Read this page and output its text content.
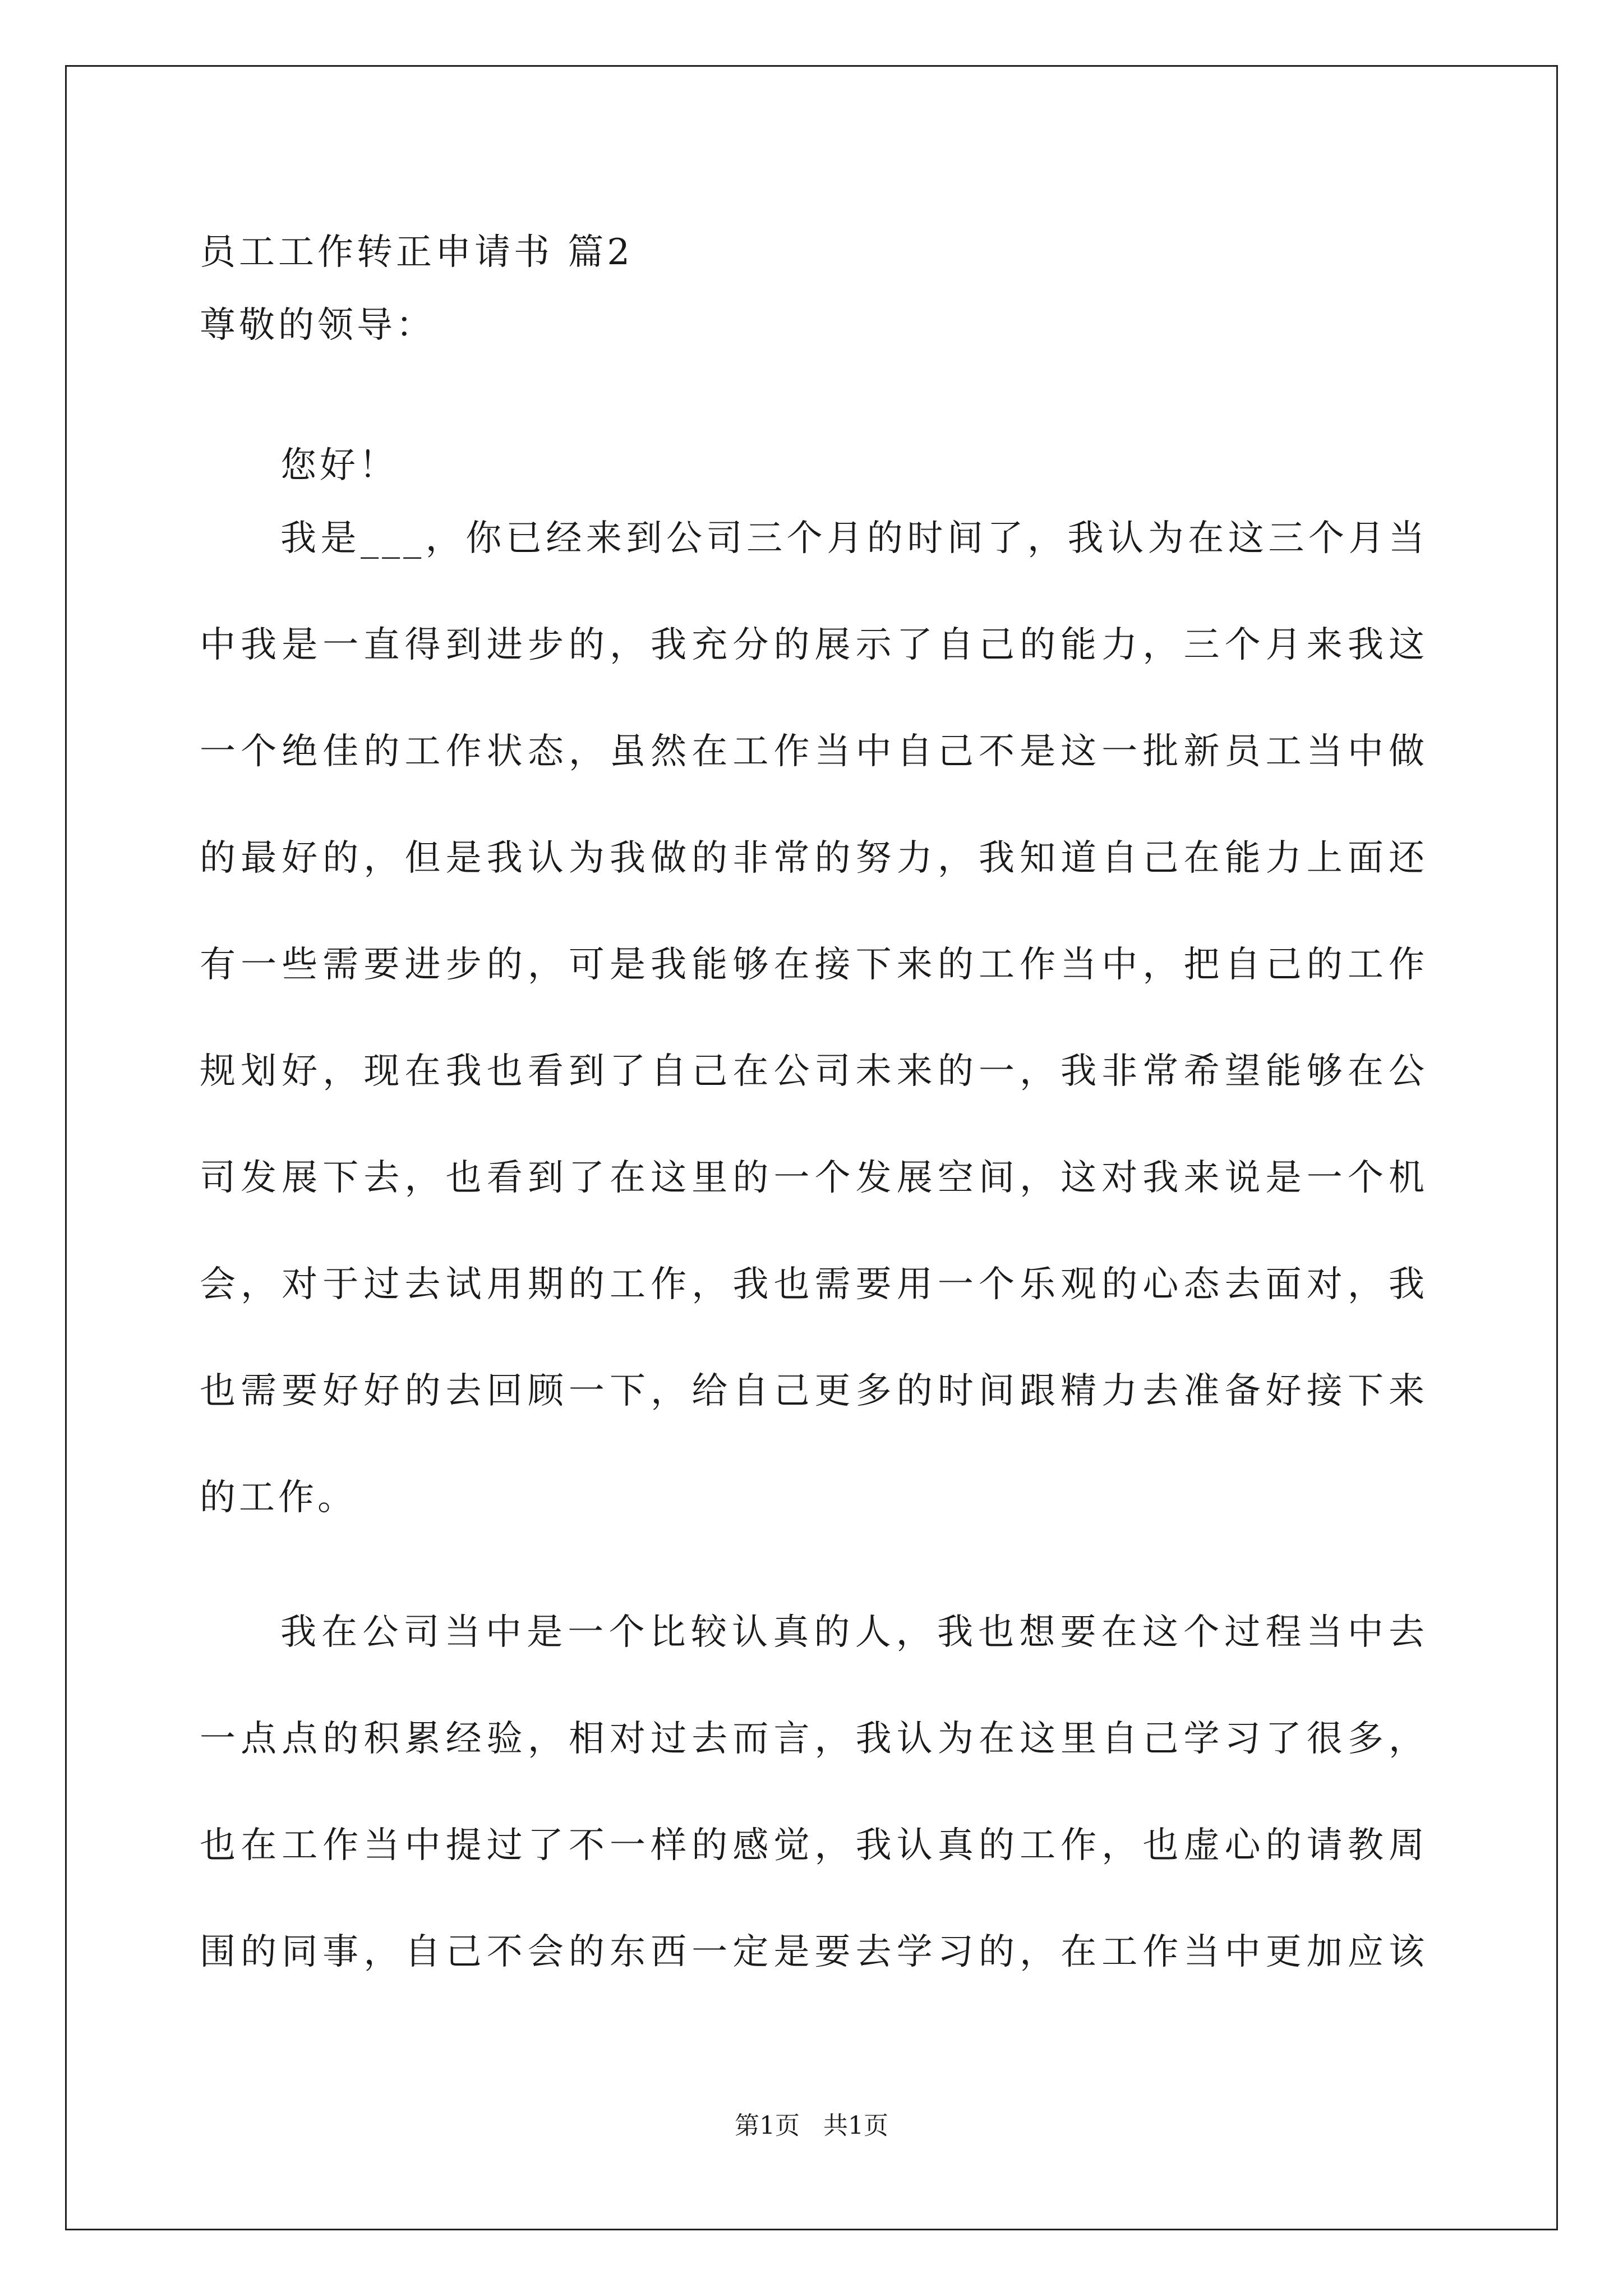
员工工作转正申请书 篇2
尊敬的领导：
您好！
我是___，你已经来到公司三个月的时间了，我认为在这三个月当
中我是一直得到进步的，我充分的展示了自己的能力，三个月来我这
一个绝佳的工作状态，虽然在工作当中自己不是这一批新员工当中做
的最好的，但是我认为我做的非常的努力，我知道自己在能力上面还
有一些需要进步的，可是我能够在接下来的工作当中，把自己的工作
规划好，现在我也看到了自己在公司未来的一，我非常希望能够在公
司发展下去，也看到了在这里的一个发展空间，这对我来说是一个机
会，对于过去试用期的工作，我也需要用一个乐观的心态去面对，我
也需要好好的去回顾一下，给自己更多的时间跟精力去准备好接下来
的工作。
我在公司当中是一个比较认真的人，我也想要在这个过程当中去
一点点的积累经验，相对过去而言，我认为在这里自己学习了很多，
也在工作当中提过了不一样的感觉，我认真的工作，也虚心的请教周
围的同事，自己不会的东西一定是要去学习的，在工作当中更加应该
第1页 共1页
